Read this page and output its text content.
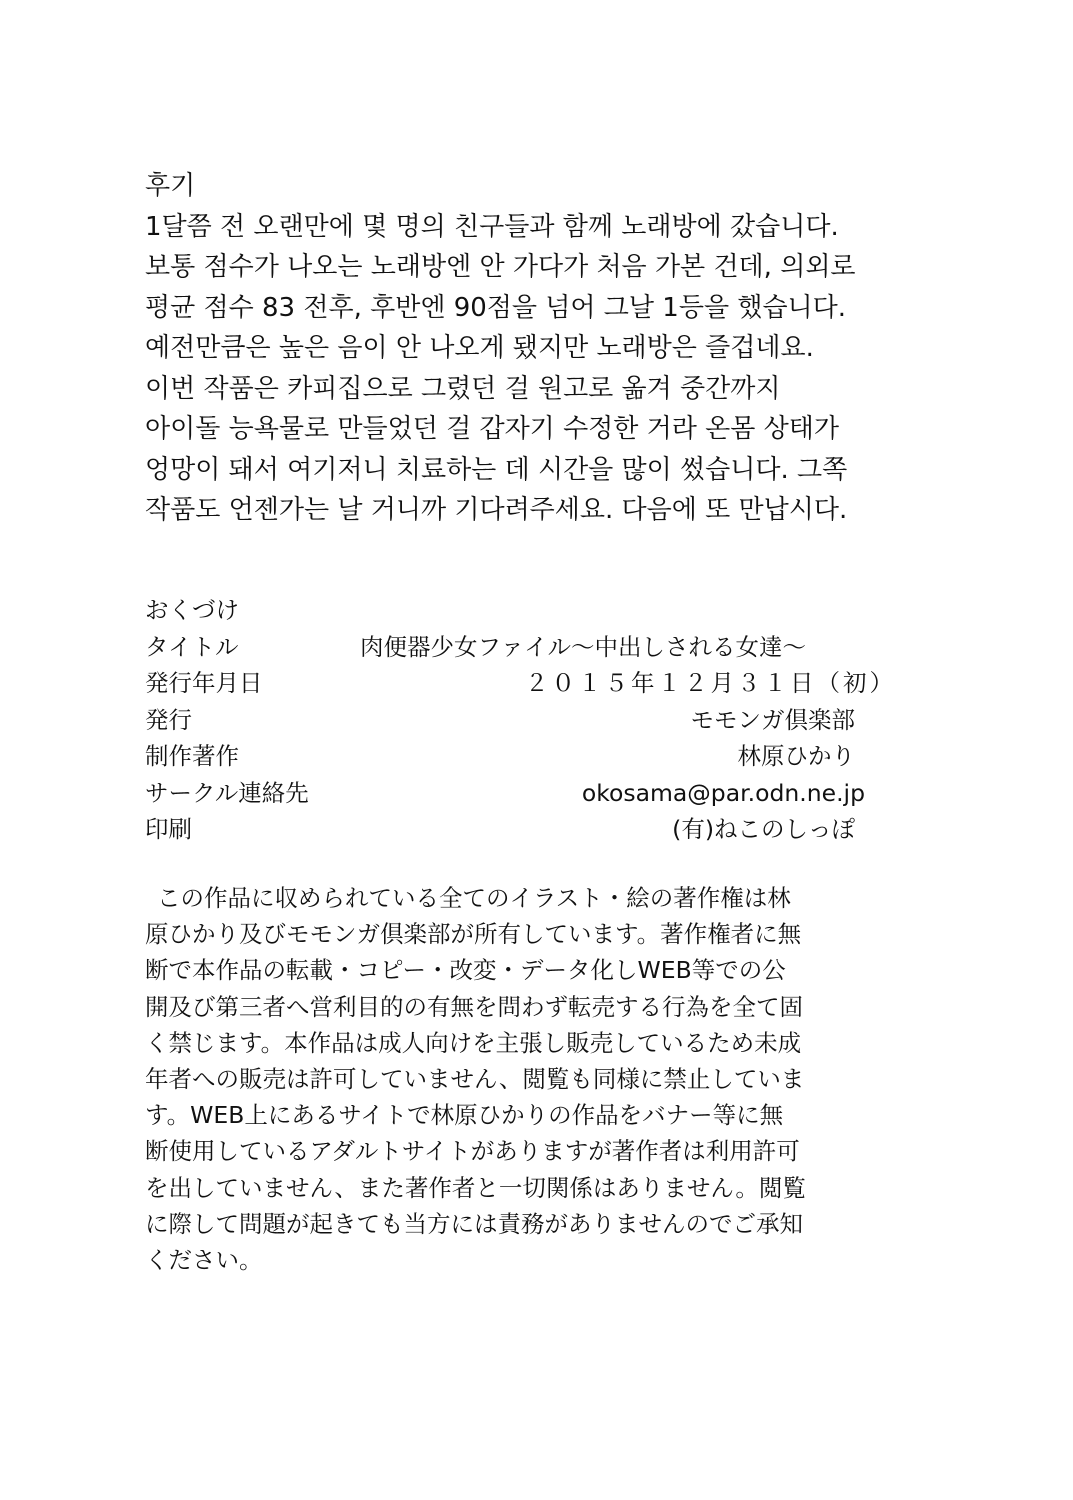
후기
1달쯤 전 오랜만에 몇 명의 친구들과 함께 노래방에 갔습니다.
보통 점수가 나오는 노래방엔 안 가다가 처음 가본 건데, 의외로
평균 점수 83 전후, 후반엔 90점을 넘어 그날 1등을 했습니다.
예전만큼은 높은 음이 안 나오게 됐지만 노래방은 즐겁네요.
이번 작품은 카피집으로 그렸던 걸 원고로 옮겨 중간까지
아이돌 능욕물로 만들었던 걸 갑자기 수정한 거라 온몸 상태가
엉망이 돼서 여기저니 치료하는 데 시간을 많이 썼습니다. 그쪽
작품도 언젠가는 날 거니까 기다려주세요. 다음에 또 만납시다.
おくづけ
タイトル	肉便器少女ファイル〜中出しされる女達〜
発行年月日	２０１５年１２月３１日（初）
発行	モモンガ倶楽部
制作著作	林原ひかり
サークル連絡先	okosama@par.odn.ne.jp
印刷	(有)ねこのしっぽ
この作品に収められている全てのイラスト・絵の著作権は林
原ひかり及びモモンガ倶楽部が所有しています。著作権者に無
断で本作品の転載・コピー・改変・データ化しWEB等での公
開及び第三者へ営利目的の有無を問わず転売する行為を全て固
く禁じます。本作品は成人向けを主張し販売しているため未成
年者への販売は許可していません、閲覧も同様に禁止していま
す。WEB上にあるサイトで林原ひかりの作品をバナー等に無
断使用しているアダルトサイトがありますが著作者は利用許可
を出していません、また著作者と一切関係はありません。閲覧
に際して問題が起きても当方には責務がありませんのでご承知
ください。
